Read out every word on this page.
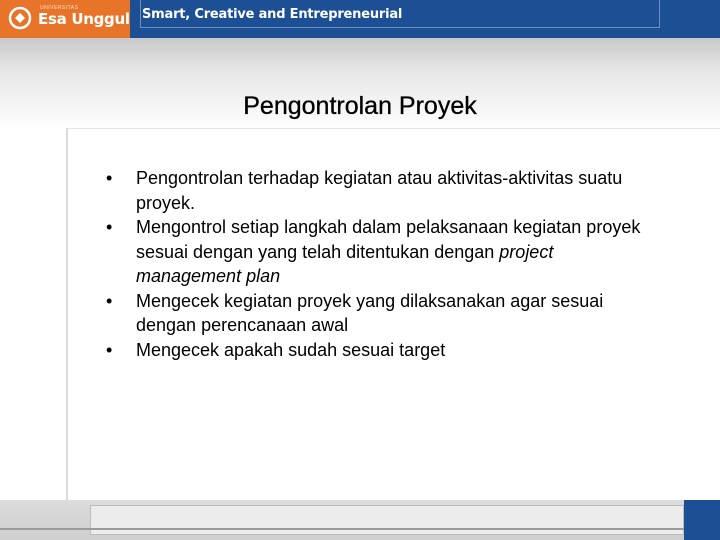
UNIVERSITAS
Esa Unggul Smart, Creative and Entrepreneurial
Pengontrolan Proyek
•	Pengontrolan terhadap kegiatan atau aktivitas-aktivitas suatu proyek.
•	Mengontrol setiap langkah dalam pelaksanaan kegiatan proyek sesuai dengan yang telah ditentukan dengan project management plan
•	Mengecek kegiatan proyek yang dilaksanakan agar sesuai dengan perencanaan awal
•	Mengecek apakah sudah sesuai target
